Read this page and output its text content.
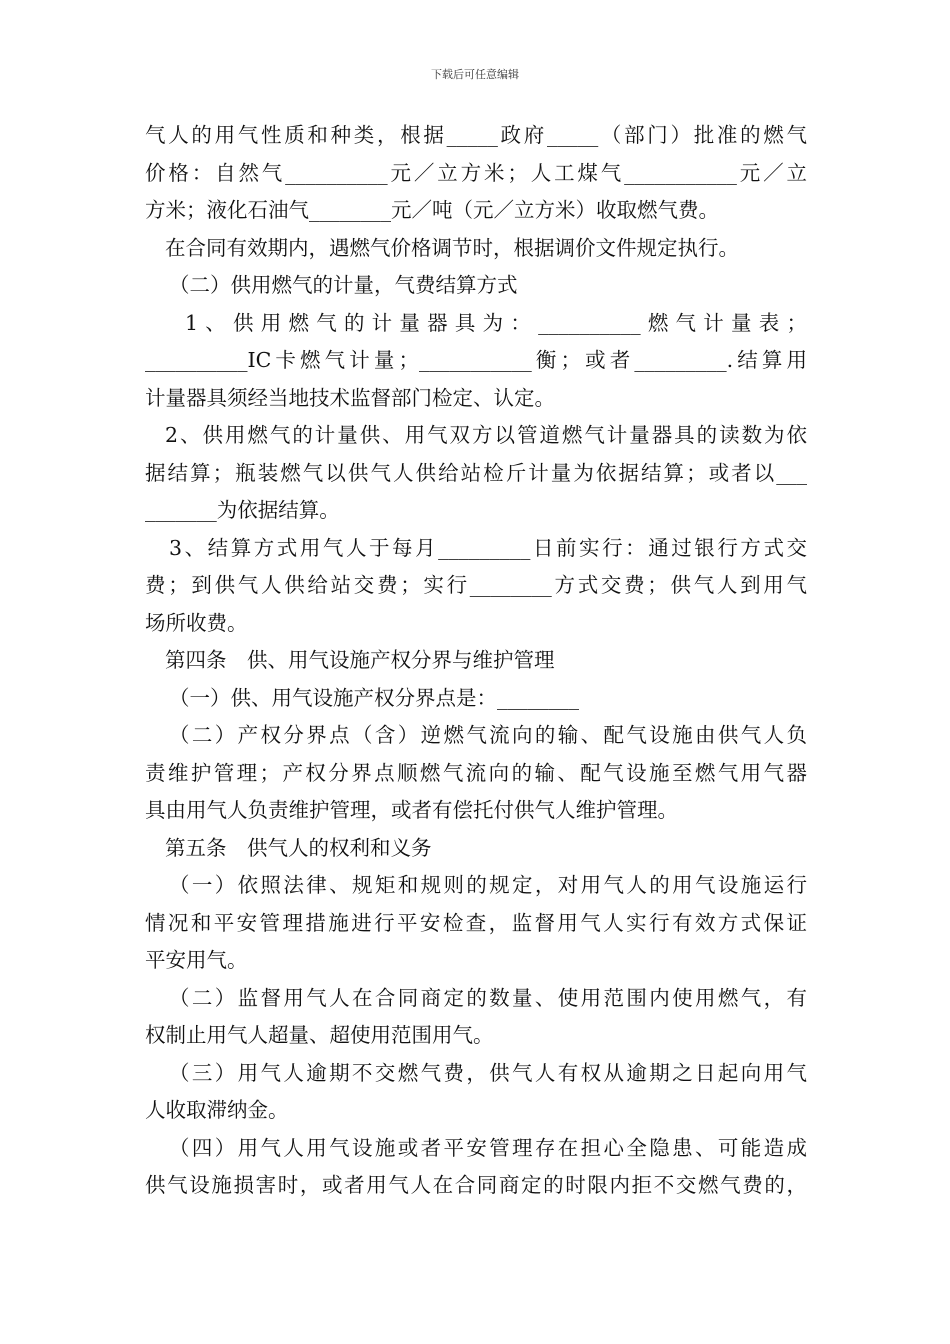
下载后可任意编辑

气人的用气性质和种类，根据_____政府_____（部门）批准的燃气

价格：自然气__________元／立方米；人工煤气___________元／立

方米；液化石油气________元／吨（元／立方米）收取燃气费。

在合同有效期内，遇燃气价格调节时，根据调价文件规定执行。

（二）供用燃气的计量，气费结算方式

1、供用燃气的计量器具为：__________燃气计量表；

__________IC卡燃气计量；___________衡；或者_________.结算用

计量器具须经当地技术监督部门检定、认定。

2、供用燃气的计量供、用气双方以管道燃气计量器具的读数为依

据结算；瓶装燃气以供气人供给站检斤计量为依据结算；或者以___

_______为依据结算。

3、结算方式用气人于每月_________日前实行：通过银行方式交

费；到供气人供给站交费；实行________方式交费；供气人到用气

场所收费。

第四条　供、用气设施产权分界与维护管理

（一）供、用气设施产权分界点是：________

（二）产权分界点（含）逆燃气流向的输、配气设施由供气人负

责维护管理；产权分界点顺燃气流向的输、配气设施至燃气用气器

具由用气人负责维护管理，或者有偿托付供气人维护管理。

第五条　供气人的权利和义务

（一）依照法律、规矩和规则的规定，对用气人的用气设施运行

情况和平安管理措施进行平安检查，监督用气人实行有效方式保证

平安用气。

（二）监督用气人在合同商定的数量、使用范围内使用燃气，有

权制止用气人超量、超使用范围用气。

（三）用气人逾期不交燃气费，供气人有权从逾期之日起向用气

人收取滞纳金。

（四）用气人用气设施或者平安管理存在担心全隐患、可能造成

供气设施损害时，或者用气人在合同商定的时限内拒不交燃气费的，
